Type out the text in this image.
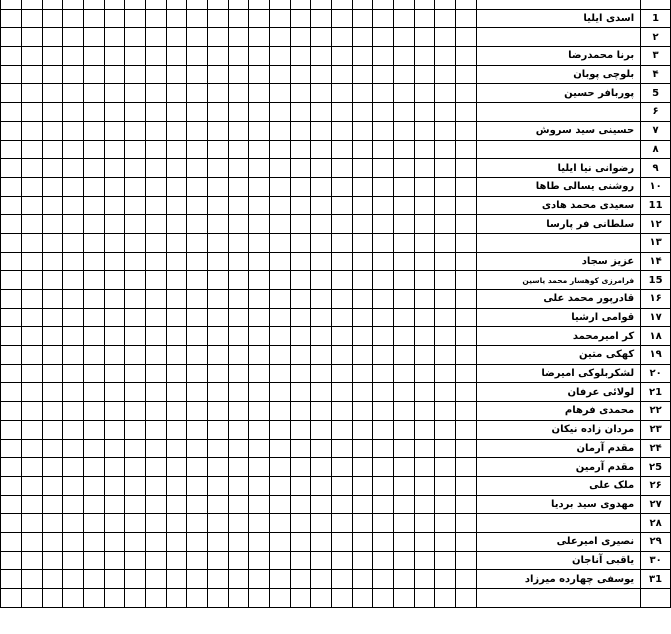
1	اسدی ایلیا																							
۲																								
۳	برنا محمدرضا																							
۴	بلوچی پوبان																							
5	پوربافر حسین																							
۶																								
۷	حسینی سید سروش																							
۸																								
۹	رضوانی نیا ایلیا																							
۱۰	روشنی یسالی طاها																							
11	سعیدی محمد هادی																							
۱۲	سلطانی فر پارسا																							
۱۳																								
۱۴	عزیز سجاد																							
15	فرامرزی کوهسار محمد یاسین																							
۱۶	قادرپور محمد علی																							
۱۷	قوامی ارشیا																							
۱۸	کر امیرمحمد																							
۱۹	کهکی متین																							
۲۰	لشکربلوکی امیرضا																							
۲1	لولائی عرفان																							
۲۲	محمدی فرهام																							
۲۳	مردان زاده نیکان																							
۲۴	مقدم آرمان																							
۲5	مقدم آرمین																							
۲۶	ملک علی																							
۲۷	مهدوی سید بردیا																							
۲۸																								
۲۹	نصیری امیرعلی																							
۳۰	یاقبی آناجان																							
۳1	یوسفی چهارده میرزاد																							
